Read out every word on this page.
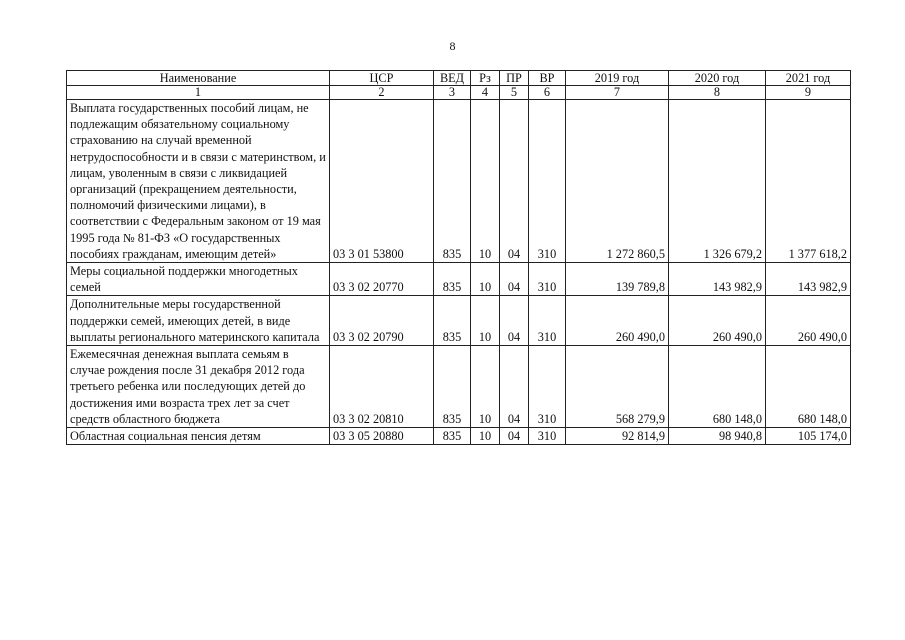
8
Наименование	ЦСР	ВЕД	Рз	ПР	ВР	2019 год	2020 год	2021 год
1	2	3	4	5	6	7	8	9
Выплата государственных пособий лицам, не подлежащим обязательному социальному страхованию на случай временной нетрудоспособности и в связи с материнством, и лицам, уволенным в связи с ликвидацией организаций (прекращением деятельности, полномочий физическими лицами), в соответствии с Федеральным законом от 19 мая 1995 года № 81-ФЗ «О государственных пособиях гражданам, имеющим детей»	03 3 01 53800	835	10	04	310	1 272 860,5	1 326 679,2	1 377 618,2
Меры социальной поддержки многодетных семей	03 3 02 20770	835	10	04	310	139 789,8	143 982,9	143 982,9
Дополнительные меры государственной поддержки семей, имеющих детей, в виде выплаты регионального материнского капитала	03 3 02 20790	835	10	04	310	260 490,0	260 490,0	260 490,0
Ежемесячная денежная выплата семьям в случае рождения после 31 декабря 2012 года третьего ребенка или последующих детей до достижения ими возраста трех лет за счет средств областного бюджета	03 3 02 20810	835	10	04	310	568 279,9	680 148,0	680 148,0
Областная социальная пенсия детям	03 3 05 20880	835	10	04	310	92 814,9	98 940,8	105 174,0
